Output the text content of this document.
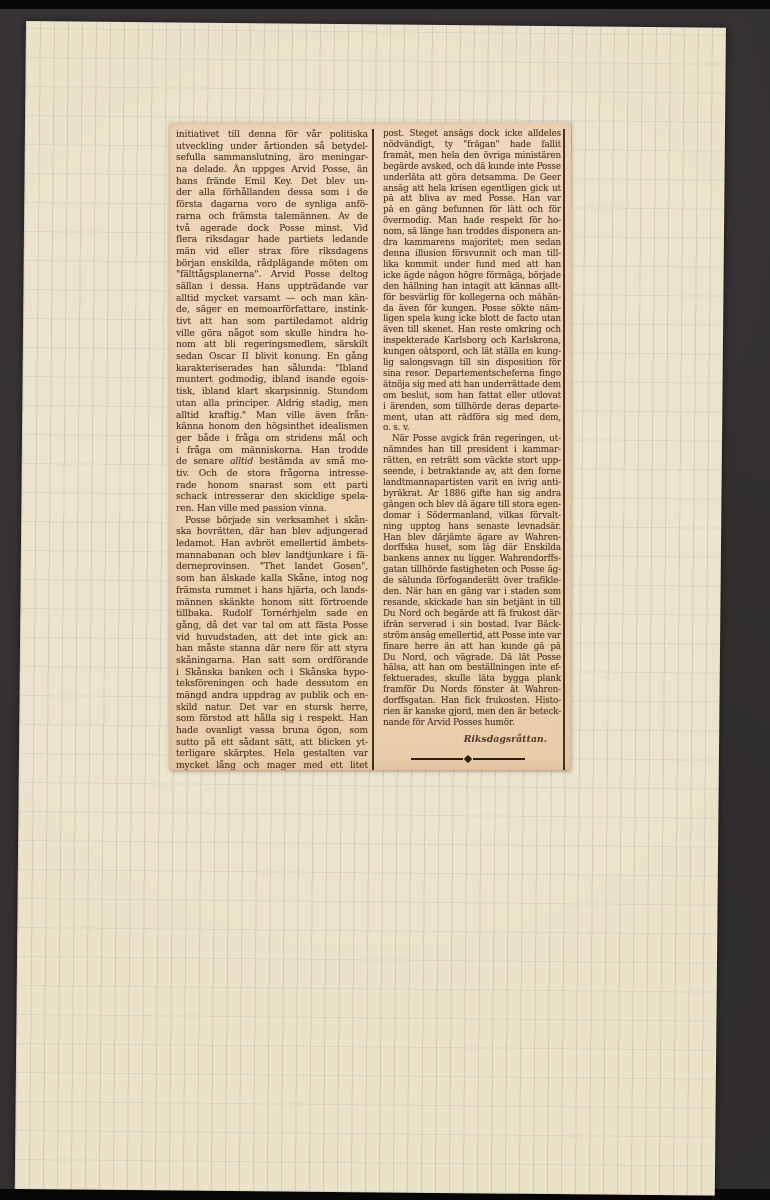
initiativet till denna för vår politiska
utveckling under årtionden så betydel-
sefulla sammanslutning, äro meningar-
na delade. Än uppges Arvid Posse, än
hans frände Emil Key. Det blev un-
der alla förhållanden dessa som i de
första dagarna voro de synliga anfö-
rarna och främsta talemännen. Av de
två agerade dock Posse minst. Vid
flera riksdagar hade partiets ledande
män vid eller strax före riksdagens
början enskilda, rådplägande möten om
"fälttågsplanerna". Arvid Posse deltog
sällan i dessa. Hans uppträdande var
alltid mycket varsamt — och man kän-
de, säger en memoarförfattare, instink-
tivt att han som partiledamot aldrig
ville göra något som skulle hindra ho-
nom att bli regeringsmedlem, särskilt
sedan Oscar II blivit konung. En gång
karakteriserades han sålunda: "Ibland
muntert godmodig, ibland isande egois-
tisk, ibland klart skarpsinnig. Stundom
utan alla principer. Aldrig stadig, men
alltid kraftig." Man ville även från-
känna honom den högsinthet idealismen
ger både i fråga om stridens mål och
i fråga om människorna. Han trodde
de senare alltid bestämda av små mo-
tiv. Och de stora frågorna intresse-
rade honom snarast som ett parti
schack intresserar den skicklige spela-
ren. Han ville med passion vinna.
Posse började sin verksamhet i skån-
ska hovrätten, där han blev adjungerad
ledamot. Han avbröt emellertid ämbets-
mannabanan och blev landtjunkare i fä-
derneprovinsen. "Thet landet Gosen",
som han älskade kalla Skåne, intog nog
främsta rummet i hans hjärta, och lands-
männen skänkte honom sitt förtroende
tillbaka. Rudolf Tornérhjelm sade en
gång, då det var tal om att fästa Posse
vid huvudstaden, att det inte gick an:
han måste stanna där nere för att styra
skåningarna. Han satt som ordförande
i Skånska banken och i Skånska hypo-
teksföreningen och hade dessutom en
mängd andra uppdrag av publik och en-
skild natur. Det var en stursk herre,
som förstod att hålla sig i respekt. Han
hade ovanligt vassa bruna ögon, som
sutto på ett sådant sätt, att blicken yt-
terligare skärptes. Hela gestalten var
mycket lång och mager med ett litet
post. Steget ansågs dock icke alldeles
nödvändigt, ty "frågan" hade fallit
framåt, men hela den övriga ministären
begärde avsked, och då kunde inte Posse
underlåta att göra detsamma. De Geer
ansåg att hela krisen egentligen gick ut
på att bliva av med Posse. Han var
på en gång befunnen för lätt och för
övermodig. Man hade respekt för ho-
nom, så länge han troddes disponera an-
dra kammarens majoritet; men sedan
denna illusion försvunnit och man till-
lika kommit under fund med att han
icke ägde någon högre förmåga, började
den hållning han intagit att kännas allt-
för besvärlig för kollegerna och måhän-
da även för kungen. Posse sökte näm-
ligen spela kung icke blott de facto utan
även till skenet. Han reste omkring och
inspekterade Karlsborg och Karlskrona,
kungen oåtspord, och lät ställa en kung-
lig salongsvagn till sin disposition för
sina resor. Departementscheferna fingo
åtnöja sig med att han underrättade dem
om beslut, som han fattat eller utlovat
i ärenden, som tillhörde deras departe-
ment, utan att rådföra sig med dem,
o. s. v.
När Posse avgick från regeringen, ut-
nämndes han till president i kammar-
rätten, en reträtt som väckte stort upp-
seende, i betraktande av, att den forne
landtmannapartisten varit en ivrig anti-
byråkrat. År 1886 gifte han sig andra
gången och blev då ägare till stora egen-
domar i Södermanland, vilkas förvalt-
ning upptog hans senaste levnadsår.
Han blev därjämte ägare av Wahren-
dorffska huset, som låg där Enskilda
bankens annex nu ligger. Wahrendorffs-
gatan tillhörde fastigheten och Posse äg-
de sålunda förfoganderätt över trafikle-
den. När han en gång var i staden som
resande, skickade han sin betjänt in till
Du Nord och begärde att få frukost där-
ifrån serverad i sin bostad. Ivar Bäck-
ström ansåg emellertid, att Posse inte var
finare herre än att han kunde gå på
Du Nord, och vägrade. Då lät Posse
hälsa, att han om beställningen inte ef-
fektuerades, skulle låta bygga plank
framför Du Nords fönster åt Wahren-
dorffsgatan. Han fick frukosten. Histo-
rien är kanske gjord, men den är beteck-
nande för Arvid Posses humör.
Riksdagsråttan.
